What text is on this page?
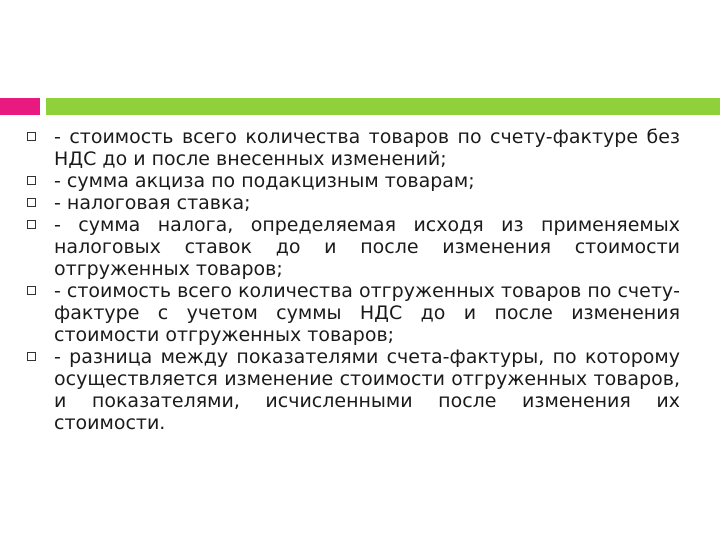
- стоимость всего количества товаров по счету-фактуре без НДС до и после внесенных изменений;
- сумма акциза по подакцизным товарам;
- налоговая ставка;
- сумма налога, определяемая исходя из применяемых налоговых ставок до и после изменения стоимости отгруженных товаров;
- стоимость всего количества отгруженных товаров по счету-фактуре с учетом суммы НДС до и после изменения стоимости отгруженных товаров;
- разница между показателями счета-фактуры, по которому осуществляется изменение стоимости отгруженных товаров, и показателями, исчисленными после изменения их стоимости.
